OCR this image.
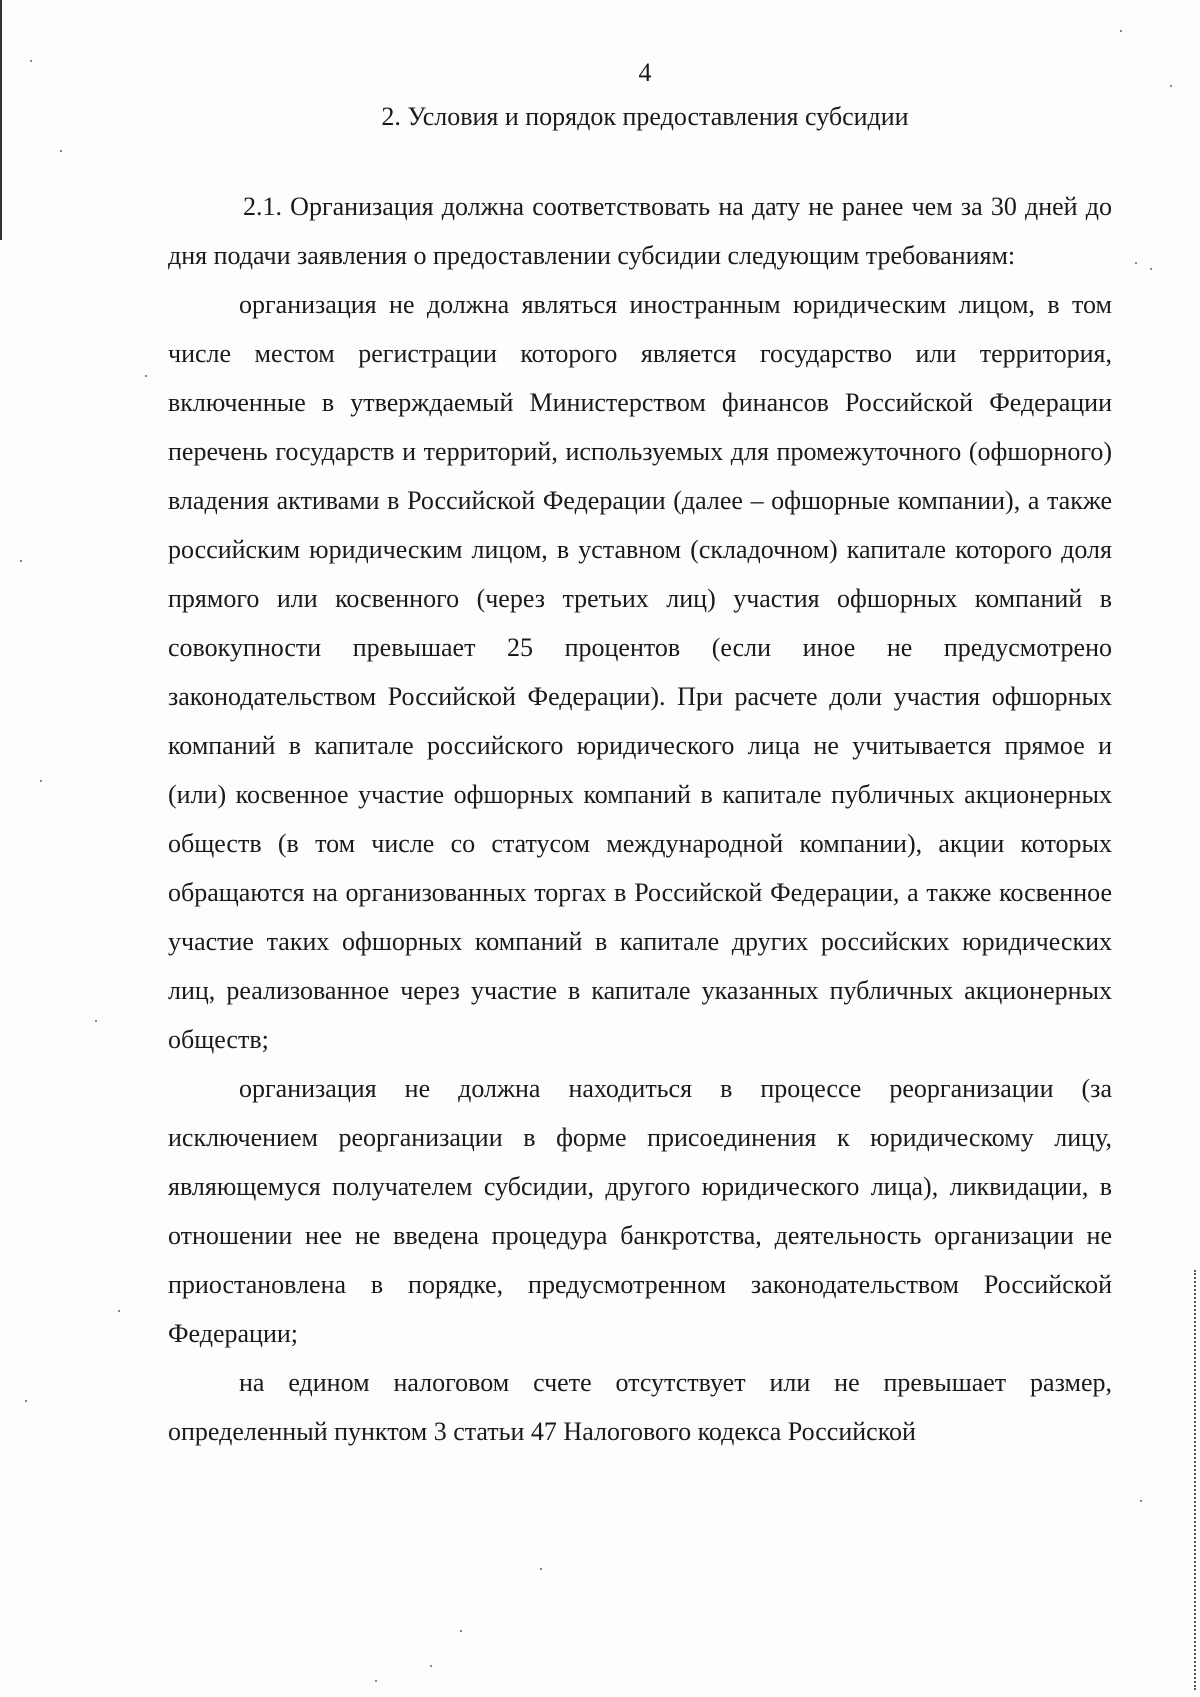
4
2. Условия и порядок предоставления субсидии

2.1. Организация должна соответствовать на дату не ранее чем за 30 дней до дня подачи заявления о предоставлении субсидии следующим требованиям:

организация не должна являться иностранным юридическим лицом, в том числе местом регистрации которого является государство или территория, включенные в утверждаемый Министерством финансов Российской Федерации перечень государств и территорий, используемых для промежуточного (офшорного) владения активами в Российской Федерации (далее – офшорные компании), а также российским юридическим лицом, в уставном (складочном) капитале которого доля прямого или косвенного (через третьих лиц) участия офшорных компаний в совокупности превышает 25 процентов (если иное не предусмотрено законодательством Российской Федерации). При расчете доли участия офшорных компаний в капитале российского юридического лица не учитывается прямое и (или) косвенное участие офшорных компаний в капитале публичных акционерных обществ (в том числе со статусом международной компании), акции которых обращаются на организованных торгах в Российской Федерации, а также косвенное участие таких офшорных компаний в капитале других российских юридических лиц, реализованное через участие в капитале указанных публичных акционерных обществ;

организация не должна находиться в процессе реорганизации (за исключением реорганизации в форме присоединения к юридическому лицу, являющемуся получателем субсидии, другого юридического лица), ликвидации, в отношении нее не введена процедура банкротства, деятельность организации не приостановлена в порядке, предусмотренном законодательством Российской Федерации;

на едином налоговом счете отсутствует или не превышает размер, определенный пунктом 3 статьи 47 Налогового кодекса Российской
